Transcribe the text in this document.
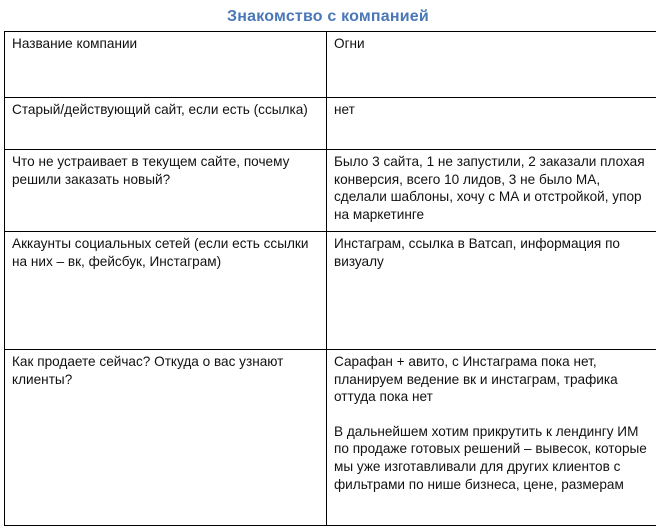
Знакомство с компанией
Название компании	Огни

Старый/действующий сайт, если есть (ссылка)	нет

Что не устраивает в текущем сайте, почему решили заказать новый?	Было 3 сайта, 1 не запустили, 2 заказали плохая конверсия, всего 10 лидов, 3 не было МА, сделали шаблоны, хочу с МА и отстройкой, упор на маркетинге

Аккаунты социальных сетей (если есть ссылки на них – вк, фейсбук, Инстаграм)	Инстаграм, ссылка в Ватсап, информация по визуалу

Как продаете сейчас? Откуда о вас узнают клиенты?	Сарафан + авито, с Инстаграма пока нет, планируем ведение вк и инстаграм, трафика оттуда пока нет
В дальнейшем хотим прикрутить к лендингу ИМ по продаже готовых решений – вывесок, которые мы уже изготавливали для других клиентов с фильтрами по нише бизнеса, цене, размерам
